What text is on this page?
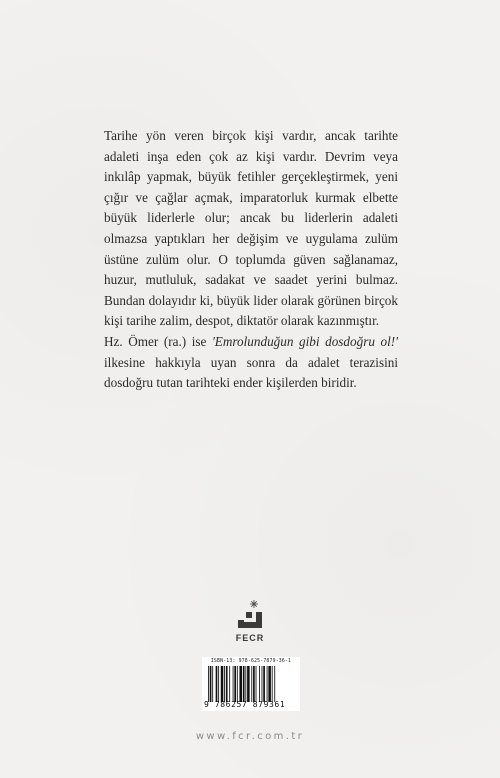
Tarihe yön veren birçok kişi vardır, ancak tarihte adaleti inşa eden çok az kişi vardır. Devrim veya inkılâp yapmak, büyük fetihler gerçekleştirmek, yeni çığır ve çağlar açmak, imparatorluk kurmak elbette büyük liderlerle olur; ancak bu liderlerin adaleti olmazsa yaptıkları her değişim ve uygulama zulüm üstüne zulüm olur. O toplumda güven sağlanamaz, huzur, mutluluk, sadakat ve saadet yerini bulmaz. Bundan dolayıdır ki, büyük lider olarak görünen birçok kişi tarihe zalim, despot, diktatör olarak kazınmıştır.

Hz. Ömer (ra.) ise 'Emrolunduğun gibi dosdoğru ol!' ilkesine hakkıyla uyan sonra da adalet terazisini dosdoğru tutan tarihteki ender kişilerden biridir.

FECR
ISBN-13: 978-625-7879-36-1
9 786257 879361
www.fcr.com.tr
